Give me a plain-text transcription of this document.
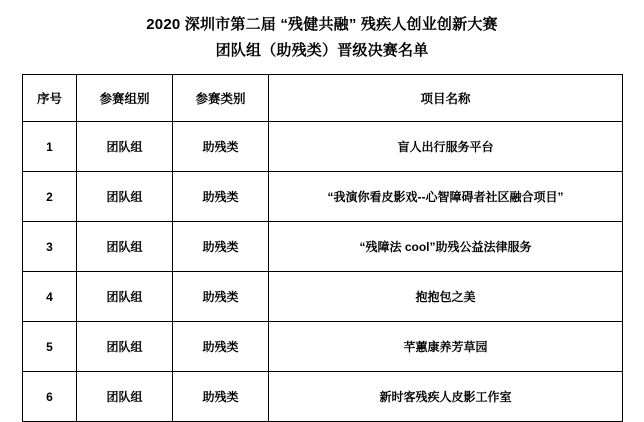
2020 深圳市第二届 “残健共融” 残疾人创业创新大赛
团队组（助残类）晋级决赛名单
序号	参赛组别	参赛类别	项目名称
1	团队组	助残类	盲人出行服务平台
2	团队组	助残类	“我演你看皮影戏--心智障碍者社区融合项目”
3	团队组	助残类	“残障法 cool”助残公益法律服务
4	团队组	助残类	抱抱包之美
5	团队组	助残类	芊蕙康养芳草园
6	团队组	助残类	新时客残疾人皮影工作室
